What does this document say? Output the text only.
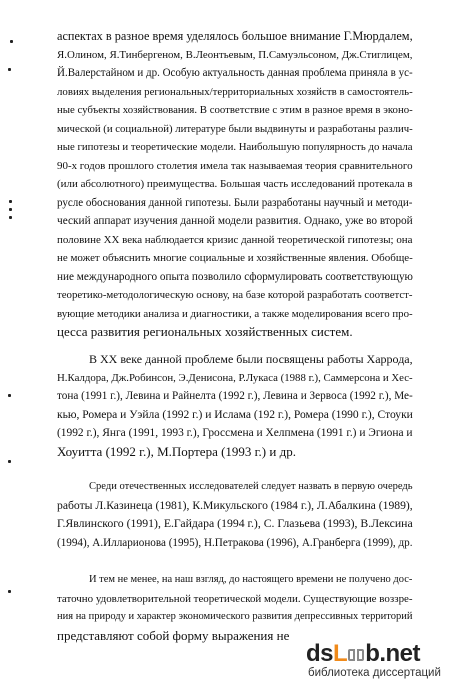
аспектах в разное время уделялось большое внимание Г.Мюрдалем,
Я.Олином, Я.Тинбергеном, В.Леонтьевым, П.Самуэльсоном, Дж.Стиглицем,
Й.Валерстайном и др. Особую актуальность данная проблема приняла в ус-
ловиях выделения региональных/территориальных хозяйств в самостоятель-
ные субъекты хозяйствования. В соответствие с этим в разное время в эконо-
мической (и социальной) литературе были выдвинуты и разработаны различ-
ные гипотезы и теоретические модели. Наибольшую популярность до начала
90-х годов прошлого столетия имела так называемая теория сравнительного
(или абсолютного) преимущества. Большая часть исследований протекала в
русле обоснования данной гипотезы. Были разработаны научный и методи-
ческий аппарат изучения данной модели развития. Однако, уже во второй
половине XX века наблюдается кризис данной теоретической гипотезы; она
не может объяснить многие социальные и хозяйственные явления. Обобще-
ние международного опыта позволило сформулировать соответствующую
теоретико-методологическую основу, на базе которой разработать соответст-
вующие методики анализа и диагностики, а также моделирования всего про-
цесса развития региональных хозяйственных систем.
В XX веке данной проблеме были посвящены работы Харрода,
Н.Калдора, Дж.Робинсон, Э.Денисона, Р.Лукаса (1988 г.), Саммерсона и Хес-
тона (1991 г.), Левина и Райнелта (1992 г.), Левина и Зервоса (1992 г.), Ме-
кью, Ромера и Уэйла (1992 г.) и Ислама (192 г.), Ромера (1990 г.), Стоуки
(1992 г.), Янга (1991, 1993 г.), Гроссмена и Хелпмена (1991 г.) и Эгиона и
Хоуитта (1992 г.), М.Портера (1993 г.) и др.
Среди отечественных исследователей следует назвать в первую очередь
работы Л.Казинеца (1981), К.Микульского (1984 г.), Л.Абалкина (1989),
Г.Явлинского (1991), Е.Гайдара (1994 г.), С. Глазьева (1993), В.Лексина
(1994), А.Илларионова (1995), Н.Петракова (1996), А.Гранберга (1999), др.
И тем не менее, на наш взгляд, до настоящего времени не получено дос-
таточно удовлетворительной теоретической модели. Существующие воззре-
ния на природу и характер экономического развития депрессивных территорий
представляют собой форму выражения не
dsL b.net
библиотека диссертаций
